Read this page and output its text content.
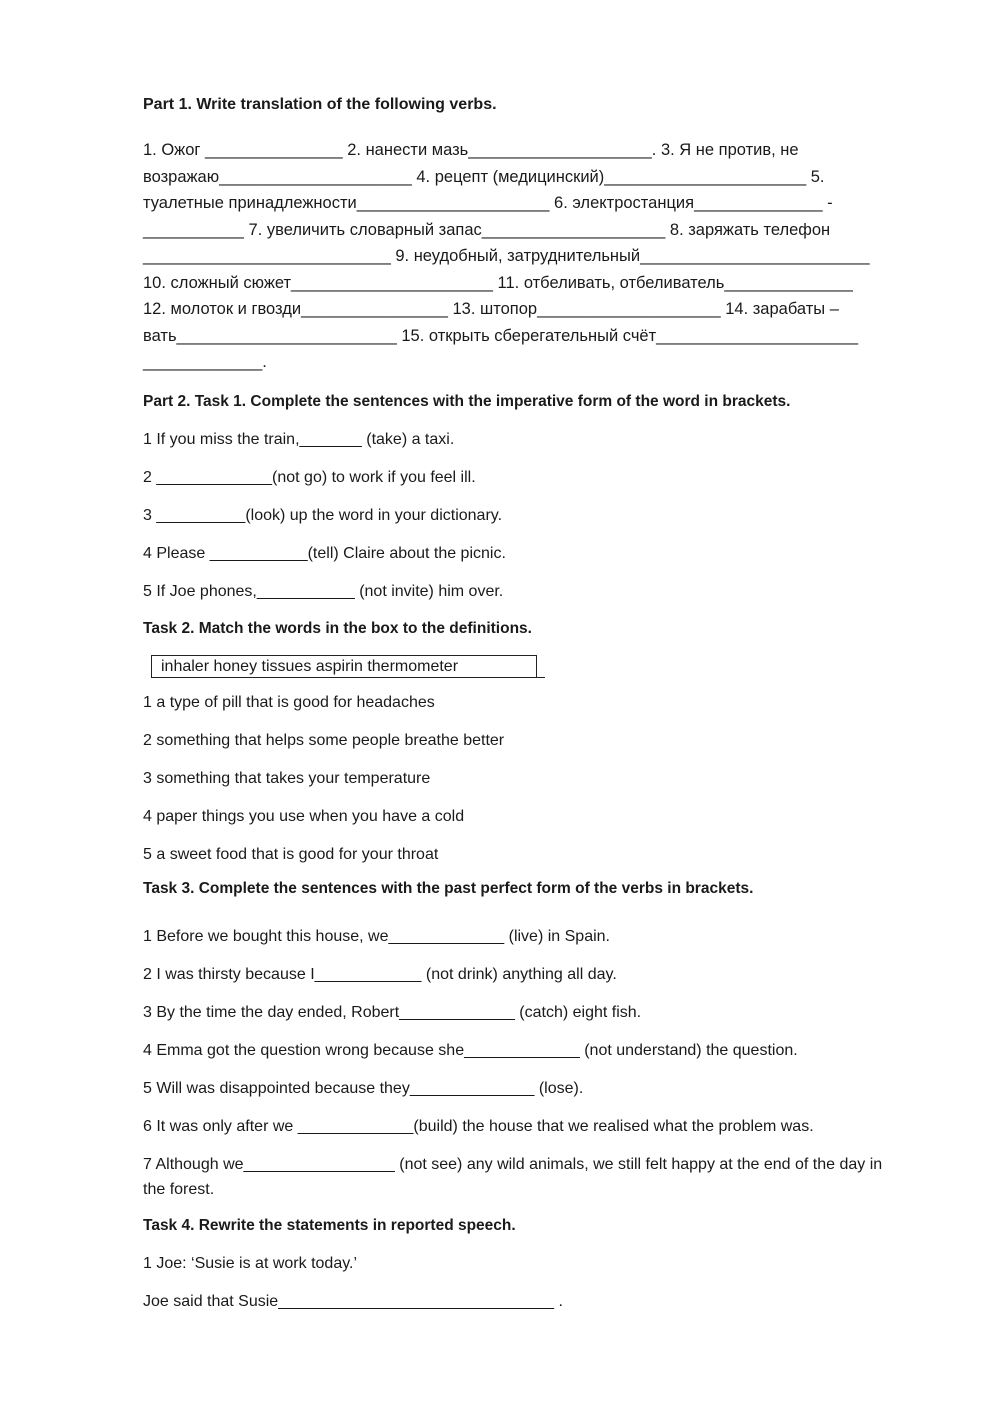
Part 1. Write translation of the following verbs.

1. Ожог _______________ 2. нанести мазь____________________. 3. Я не против, не
возражаю_____________________ 4. рецепт (медицинский)______________________ 5.
туалетные принадлежности_____________________ 6. электростанция______________ -
___________ 7. увеличить словарный запас____________________ 8. заряжать телефон
___________________________ 9. неудобный, затруднительный_________________________
10. сложный сюжет______________________ 11. отбеливать, отбеливатель______________
12. молоток и гвозди________________ 13. штопор____________________ 14. зарабаты –
вать________________________ 15. открыть сберегательный счёт______________________
_____________.

Part 2. Task 1. Complete the sentences with the imperative form of the word in brackets.

1 If you miss the train,_______ (take) a taxi.

2 _____________(not go) to work if you feel ill.

3 __________(look) up the word in your dictionary.

4 Please ___________(tell) Claire about the picnic.

5 If Joe phones,___________ (not invite) him over.

Task 2. Match the words in the box to the definitions.

inhaler honey tissues aspirin thermometer

1 a type of pill that is good for headaches

2 something that helps some people breathe better

3 something that takes your temperature

4 paper things you use when you have a cold

5 a sweet food that is good for your throat

Task 3. Complete the sentences with the past perfect form of the verbs in brackets.

1 Before we bought this house, we_____________ (live) in Spain.

2 I was thirsty because I____________ (not drink) anything all day.

3 By the time the day ended, Robert_____________ (catch) eight fish.

4 Emma got the question wrong because she_____________ (not understand) the question.

5 Will was disappointed because they______________ (lose).

6 It was only after we _____________(build) the house that we realised what the problem was.

7 Although we_________________ (not see) any wild animals, we still felt happy at the end of the day in

the forest.

Task 4. Rewrite the statements in reported speech.

1 Joe: ‘Susie is at work today.’

Joe said that Susie_______________________________ .
